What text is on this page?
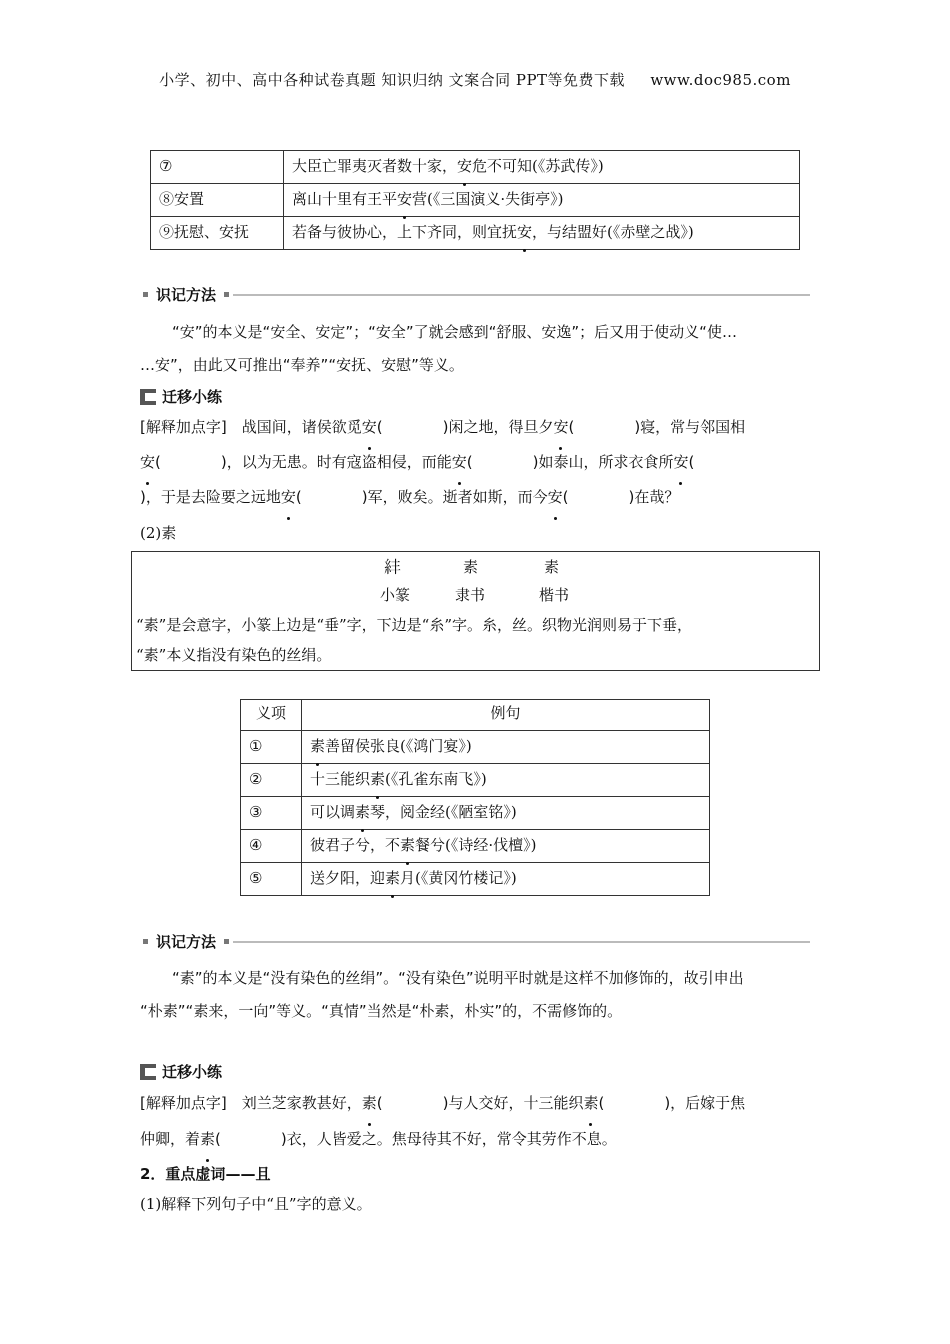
小学、初中、高中各种试卷真题 知识归纳 文案合同 PPT等免费下载 www.doc985.com
⑦	大臣亡罪夷灭者数十家，安危不可知(《苏武传》)
⑧安置	离山十里有王平安营(《三国演义·失街亭》)
⑨抚慰、安抚	若备与彼协心，上下齐同，则宜抚安，与结盟好(《赤壁之战》)
识记方法
“安”的本义是“安全、安定”；“安全”了就会感到“舒服、安逸”；后又用于使动义“使…
…安”，由此又可推出“奉养”“安抚、安慰”等义。
迁移小练
[解释加点字]　战国间，诸侯欲觅安(　　　　)闲之地，得旦夕安(　　　　)寝，常与邻国相
安(　　　　)，以为无患。时有寇盗相侵，而能安(　　　　)如泰山，所求衣食所安(
)，于是去险要之远地安(　　　　)军，败矣。逝者如斯，而今安(　　　　)在哉？
(2)素
𥾫	素	素
小篆	隶书	楷书
“素”是会意字，小篆上边是“垂”字，下边是“糸”字。糸，丝。织物光润则易于下垂，
“素”本义指没有染色的丝绢。
义项	例句
①	素善留侯张良(《鸿门宴》)
②	十三能织素(《孔雀东南飞》)
③	可以调素琴，阅金经(《陋室铭》)
④	彼君子兮，不素餐兮(《诗经·伐檀》)
⑤	送夕阳，迎素月(《黄冈竹楼记》)
识记方法
“素”的本义是“没有染色的丝绢”。“没有染色”说明平时就是这样不加修饰的，故引申出
“朴素”“素来，一向”等义。“真情”当然是“朴素，朴实”的，不需修饰的。
迁移小练
[解释加点字]　刘兰芝家教甚好，素(　　　　)与人交好，十三能织素(　　　　)，后嫁于焦
仲卿，着素(　　　　)衣，人皆爱之。焦母待其不好，常令其劳作不息。
2．重点虚词——且
(1)解释下列句子中“且”字的意义。
